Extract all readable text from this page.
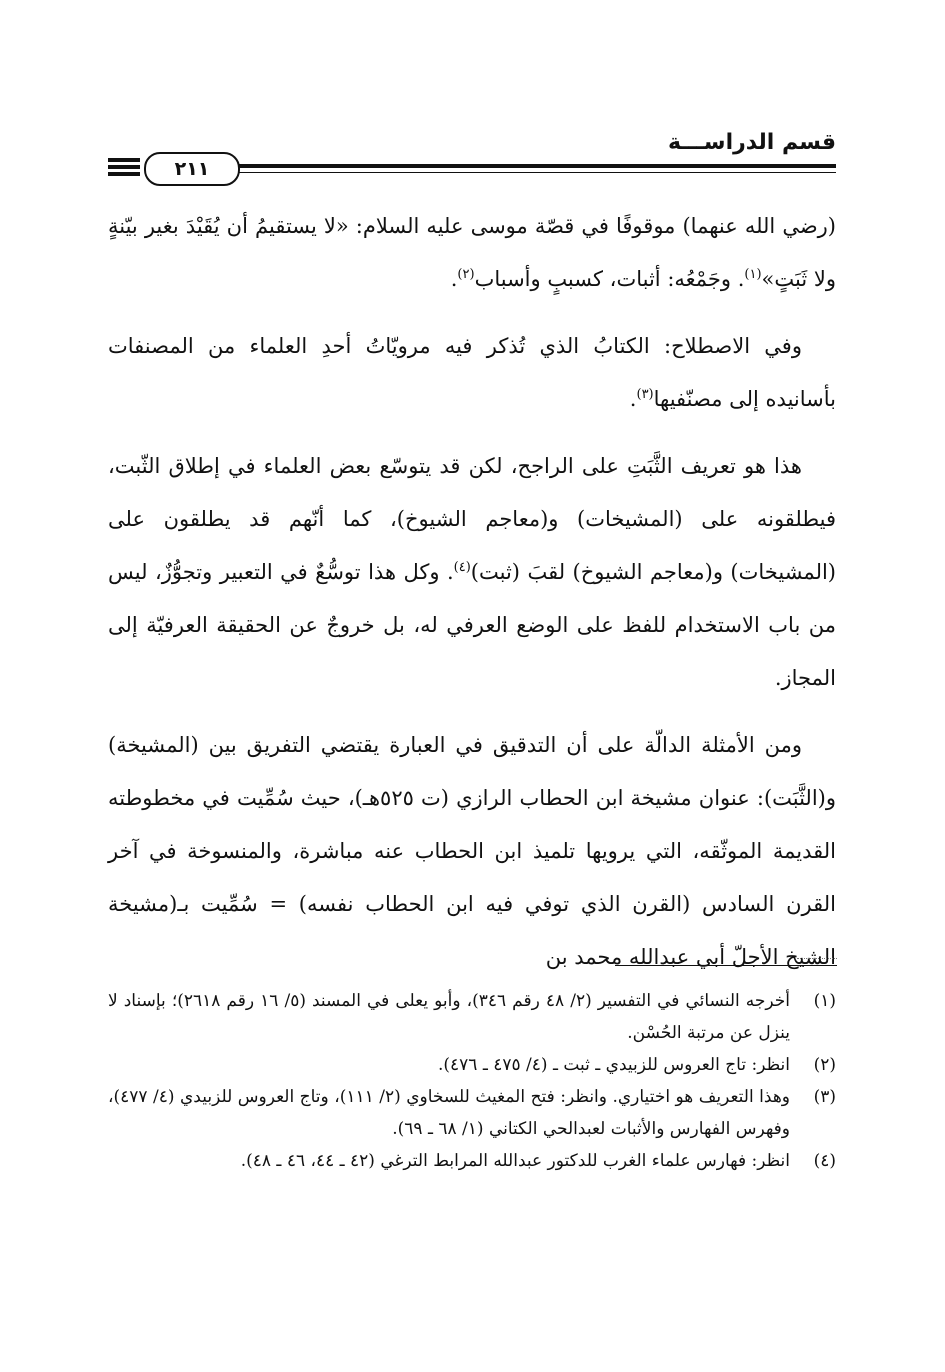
قسم الدراســـة
٢١١

(رضي الله عنهما) موقوفًا في قصّة موسى عليه السلام: «لا يستقيمُ أن يُقَيْدَ بغير بيّنةٍ ولا ثَبَتٍ»$^{(١)}$. وجَمْعُه: أثبات، كسببٍ وأسباب$^{(٢)}$.

وفي الاصطلاح: الكتابُ الذي تُذكر فيه مرويّاتُ أحدِ العلماء من المصنفات بأسانيده إلى مصنّفيها$^{(٣)}$.

هذا هو تعريف الثَّبَتِ على الراجح، لكن قد يتوسّع بعض العلماء في إطلاق الثّبت، فيطلقونه على (المشيخات) و(معاجم الشيوخ)، كما أنّهم قد يطلقون على (المشيخات) و(معاجم الشيوخ) لقبَ (ثبت)$^{(٤)}$. وكل هذا توسُّعٌ في التعبير وتجوُّزٌ، ليس من باب الاستخدام للفظ على الوضع العرفي له، بل خروجٌ عن الحقيقة العرفيّة إلى المجاز.

ومن الأمثلة الدالّة على أن التدقيق في العبارة يقتضي التفريق بين (المشيخة) و(الثَّبَت): عنوان مشيخة ابن الحطاب الرازي (ت ٥٢٥هـ)، حيث سُمِّيت في مخطوطته القديمة الموثّقه، التي يرويها تلميذ ابن الحطاب عنه مباشرة، والمنسوخة في آخر القرن السادس (القرن الذي توفي فيه ابن الحطاب نفسه) = سُمِّيت بـ(مشيخة الشيخ الأجلّ أبي عبدالله محمد بن

(١)
أخرجه النسائي في التفسير (٢/ ٤٨ رقم ٣٤٦)، وأبو يعلى في المسند (٥/ ١٦ رقم ٢٦١٨)؛ بإسناد لا ينزل عن مرتبة الحُسْن.
(٢)
انظر: تاج العروس للزبيدي ـ ثبت ـ (٤/ ٤٧٥ ـ ٤٧٦).
(٣)
وهذا التعريف هو اختياري. وانظر: فتح المغيث للسخاوي (٢/ ١١١)، وتاج العروس للزبيدي (٤/ ٤٧٧)، وفهرس الفهارس والأثبات لعبدالحي الكتاني (١/ ٦٨ ـ ٦٩).
(٤)
انظر: فهارس علماء الغرب للدكتور عبدالله المرابط الترغي (٤٢ ـ ٤٤، ٤٦ ـ ٤٨).
